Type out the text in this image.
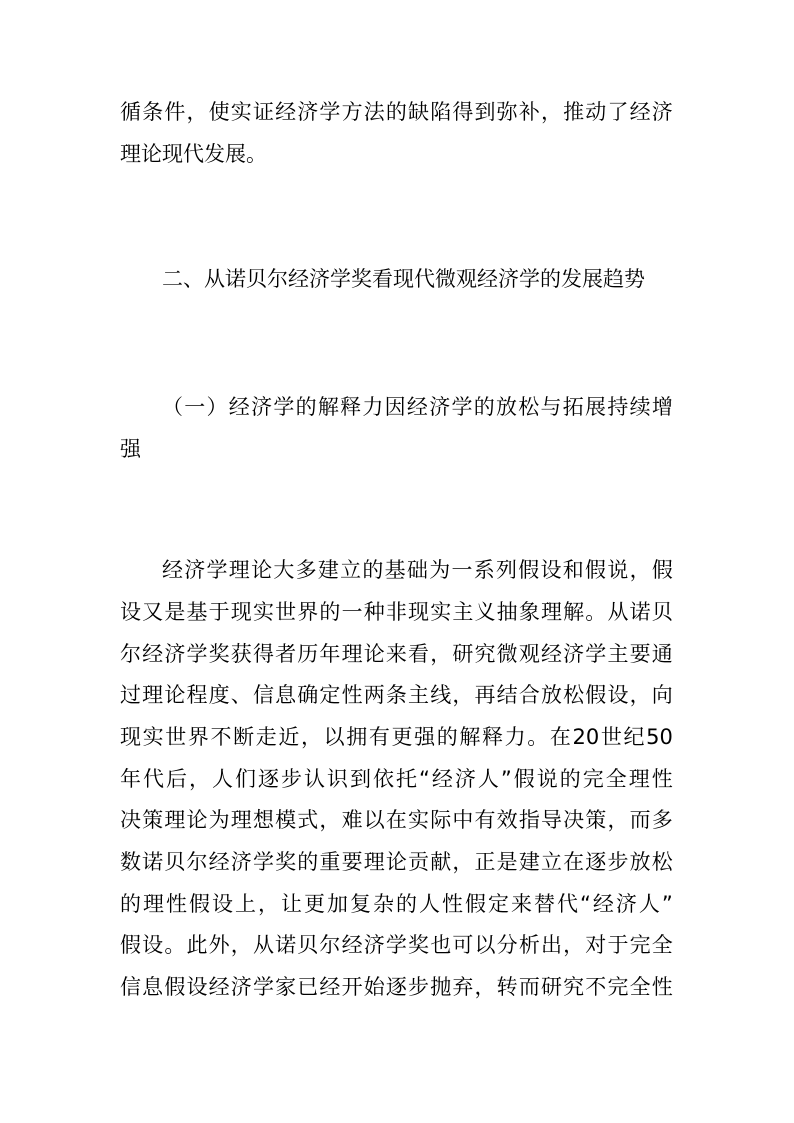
循 条 件 ， 使 实 证 经 济 学 方 法 的 缺 陷 得 到 弥 补 ， 推 动 了 经 济
理论现代发展。
二、从诺贝尔经济学奖看现代微观经济学的发展趋势
（ 一 ） 经 济 学 的 解 释 力 因 经 济 学 的 放 松 与 拓 展 持 续 增
强
经 济 学 理 论 大 多 建 立 的 基 础 为 一 系 列 假 设 和 假 说 ， 假
设 又 是 基 于 现 实 世 界 的 一 种 非 现 实 主 义 抽 象 理 解 。 从 诺 贝
尔 经 济 学 奖 获 得 者 历 年 理 论 来 看 ， 研 究 微 观 经 济 学 主 要 通
过 理 论 程 度 、 信 息 确 定 性 两 条 主 线 ， 再 结 合 放 松 假 设 ， 向
现 实 世 界 不 断 走 近 ， 以 拥 有 更 强 的 解 释 力 。 在 20 世 纪 50
年 代 后 ， 人 们 逐 步 认 识 到 依 托 “ 经 济 人 ” 假 说 的 完 全 理 性
决 策 理 论 为 理 想 模 式 ， 难 以 在 实 际 中 有 效 指 导 决 策 ， 而 多
数 诺 贝 尔 经 济 学 奖 的 重 要 理 论 贡 献 ， 正 是 建 立 在 逐 步 放 松
的 理 性 假 设 上 ， 让 更 加 复 杂 的 人 性 假 定 来 替 代 “ 经 济 人 ”
假 设 。 此 外 ， 从 诺 贝 尔 经 济 学 奖 也 可 以 分 析 出 ， 对 于 完 全
信 息 假 设 经 济 学 家 已 经 开 始 逐 步 抛 弃 ， 转 而 研 究 不 完 全 性
